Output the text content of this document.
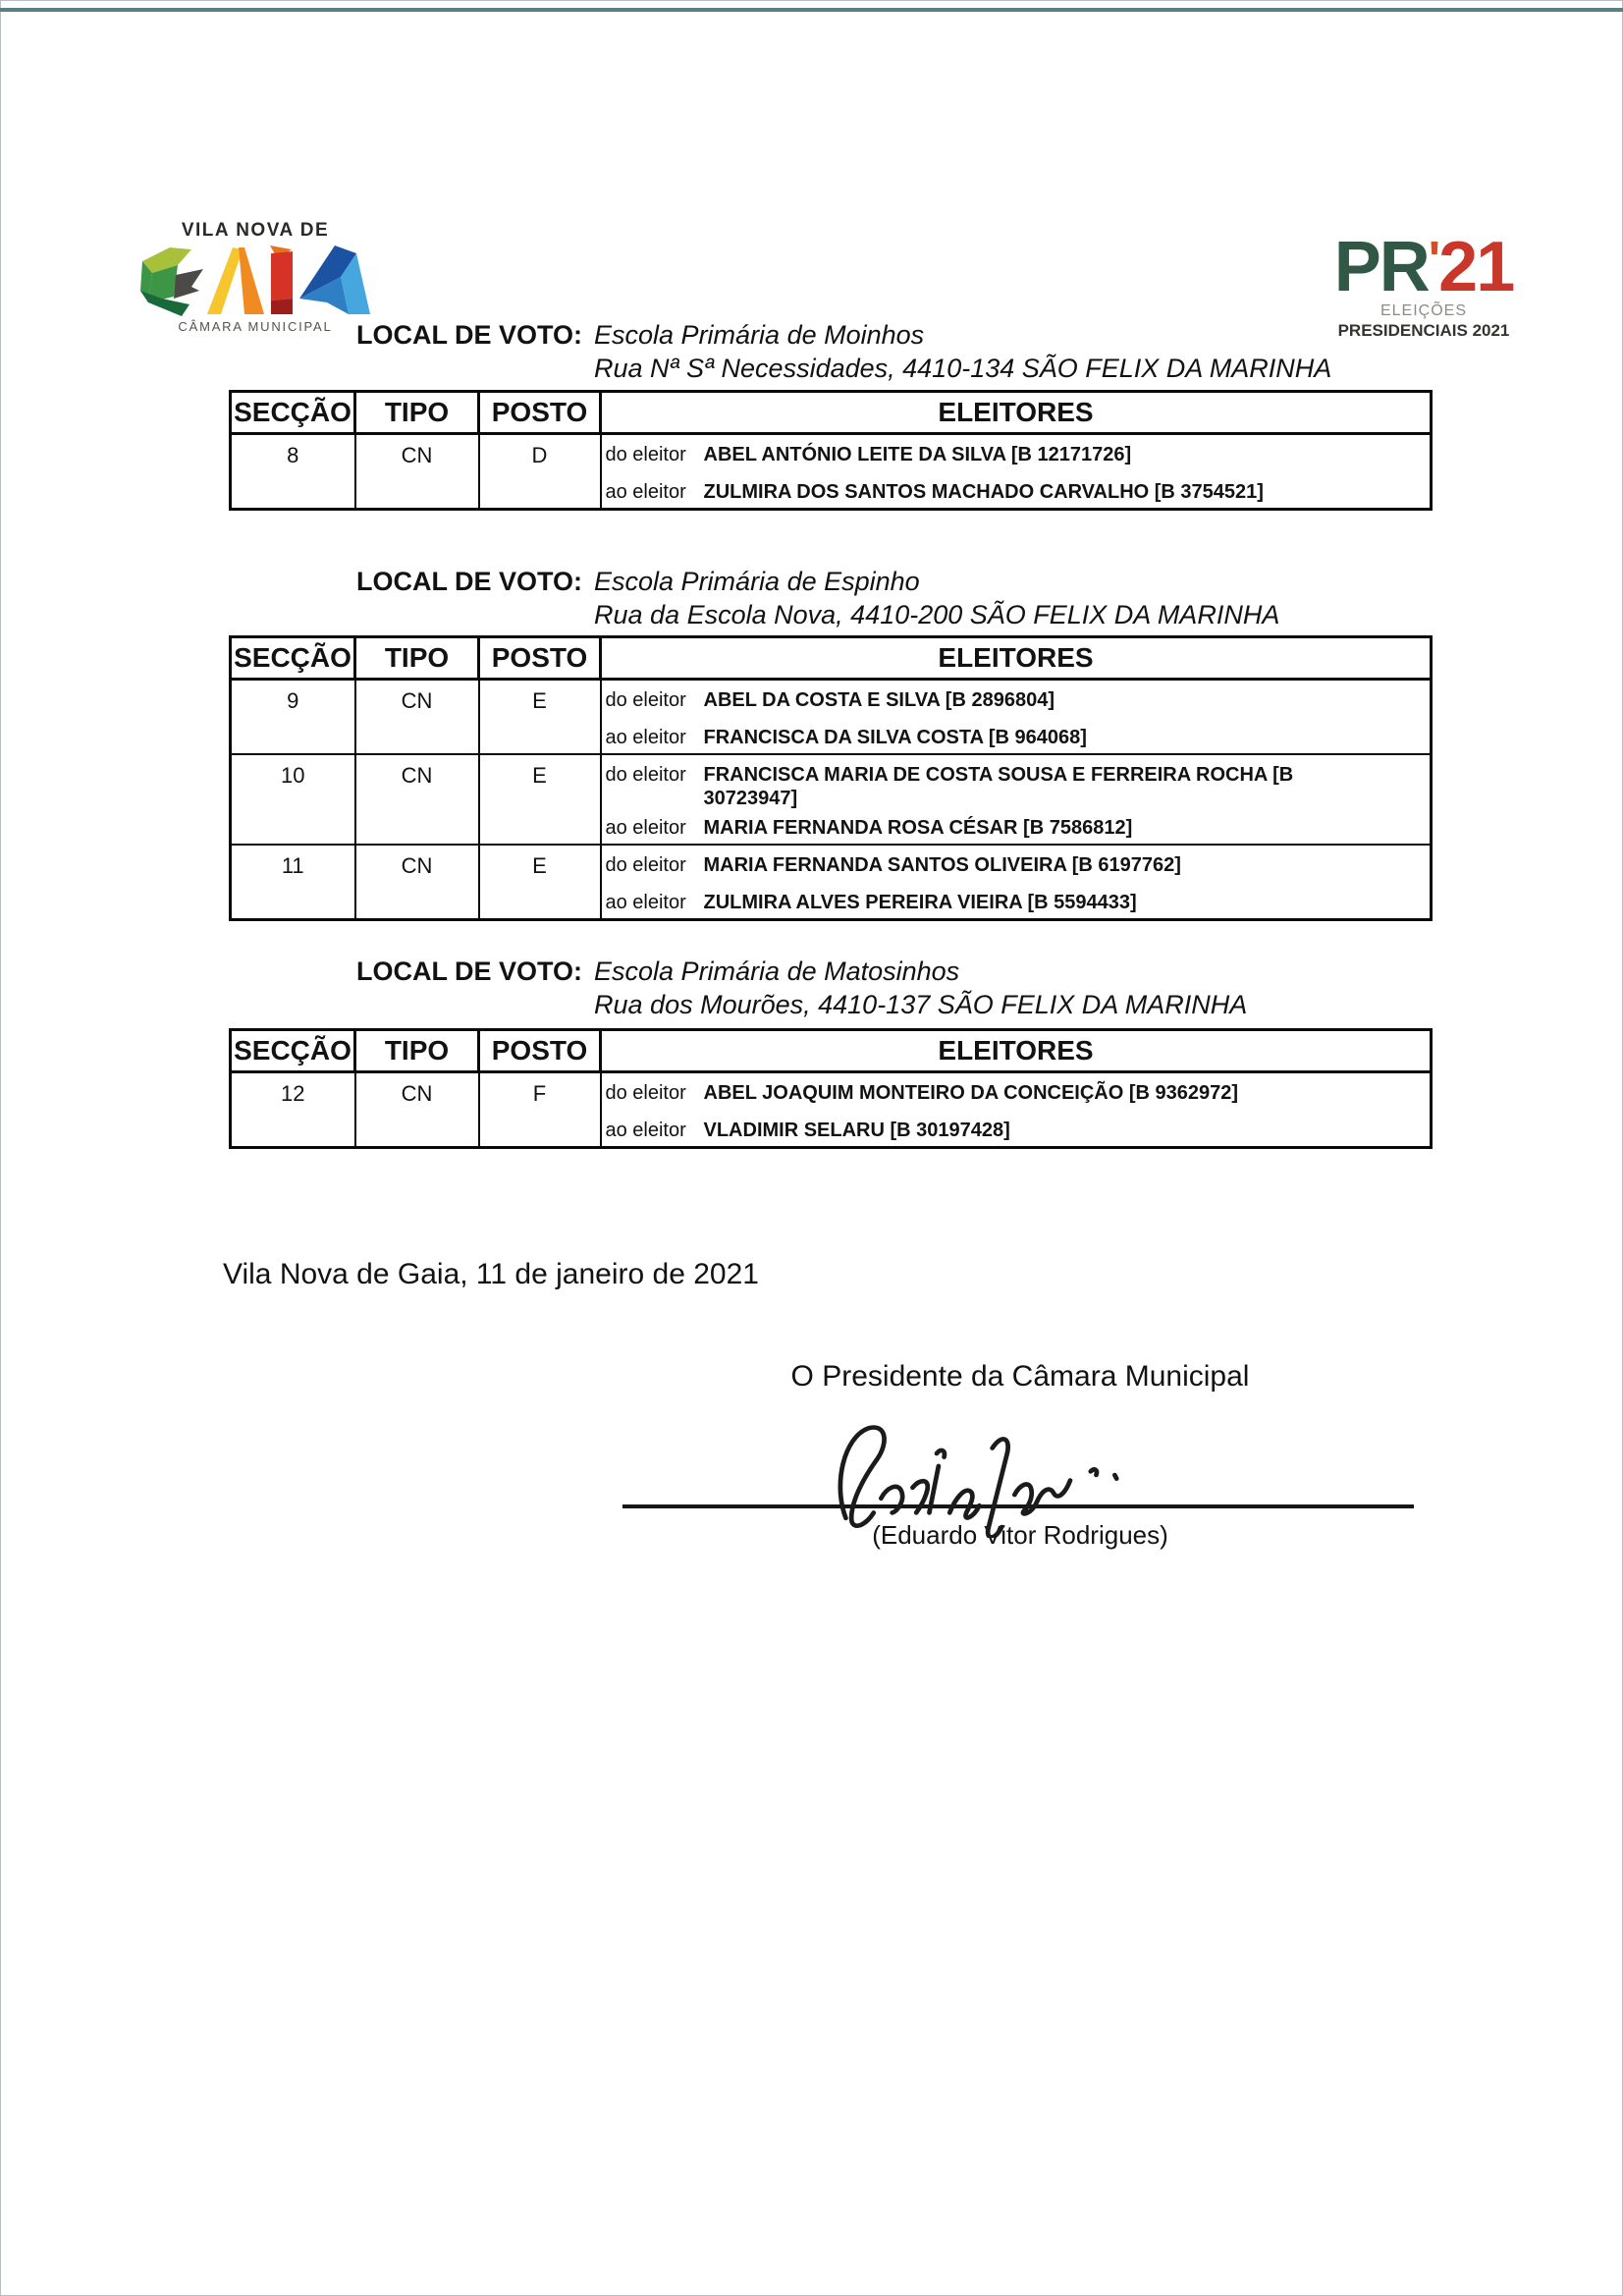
VILA NOVA DE
CÂMARA MUNICIPAL
PR'21
ELEIÇÕES
PRESIDENCIAIS 2021
LOCAL DE VOTO: Escola Primária de Moinhos
Rua Nª Sª Necessidades, 4410-134 SÃO FELIX DA MARINHA
SECÇÃO	TIPO	POSTO	ELEITORES
8	CN	D	do eleitor ABEL ANTÓNIO LEITE DA SILVA [B 12171726]
ao eleitor ZULMIRA DOS SANTOS MACHADO CARVALHO [B 3754521]
LOCAL DE VOTO: Escola Primária de Espinho
Rua da Escola Nova, 4410-200 SÃO FELIX DA MARINHA
SECÇÃO	TIPO	POSTO	ELEITORES
9	CN	E	do eleitor ABEL DA COSTA E SILVA [B 2896804]
ao eleitor FRANCISCA DA SILVA COSTA [B 964068]

10	CN	E	do eleitor FRANCISCA MARIA DE COSTA SOUSA E FERREIRA ROCHA [B 30723947]
ao eleitor MARIA FERNANDA ROSA CÉSAR [B 7586812]

11	CN	E	do eleitor MARIA FERNANDA SANTOS OLIVEIRA [B 6197762]
ao eleitor ZULMIRA ALVES PEREIRA VIEIRA [B 5594433]
LOCAL DE VOTO: Escola Primária de Matosinhos
Rua dos Mourões, 4410-137 SÃO FELIX DA MARINHA
SECÇÃO	TIPO	POSTO	ELEITORES
12	CN	F	do eleitor ABEL JOAQUIM MONTEIRO DA CONCEIÇÃO [B 9362972]
ao eleitor VLADIMIR SELARU [B 30197428]
Vila Nova de Gaia, 11 de janeiro de 2021
O Presidente da Câmara Municipal
(Eduardo Vitor Rodrigues)
